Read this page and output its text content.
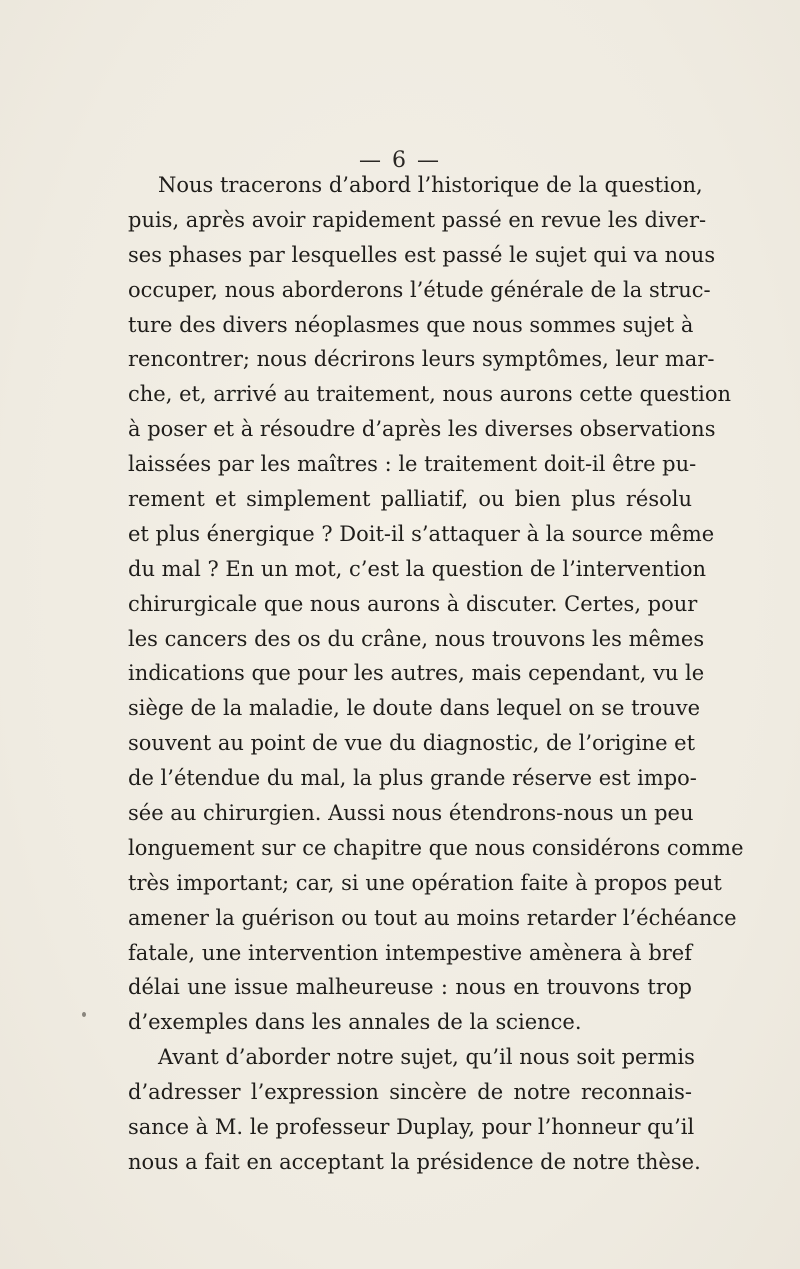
— 6 —
Nous tracerons d’abord l’historique de la question,
puis, après avoir rapidement passé en revue les diver-
ses phases par lesquelles est passé le sujet qui va nous
occuper, nous aborderons l’étude générale de la struc-
ture des divers néoplasmes que nous sommes sujet à
rencontrer; nous décrirons leurs symptômes, leur mar-
che, et, arrivé au traitement, nous aurons cette question
à poser et à résoudre d’après les diverses observations
laissées par les maîtres : le traitement doit-il être pu-
rement et simplement palliatif, ou bien plus résolu
et plus énergique ? Doit-il s’attaquer à la source même
du mal ? En un mot, c’est la question de l’intervention
chirurgicale que nous aurons à discuter. Certes, pour
les cancers des os du crâne, nous trouvons les mêmes
indications que pour les autres, mais cependant, vu le
siège de la maladie, le doute dans lequel on se trouve
souvent au point de vue du diagnostic, de l’origine et
de l’étendue du mal, la plus grande réserve est impo-
sée au chirurgien. Aussi nous étendrons-nous un peu
longuement sur ce chapitre que nous considérons comme
très important; car, si une opération faite à propos peut
amener la guérison ou tout au moins retarder l’échéance
fatale, une intervention intempestive amènera à bref
délai une issue malheureuse : nous en trouvons trop
d’exemples dans les annales de la science.
Avant d’aborder notre sujet, qu’il nous soit permis
d’adresser l’expression sincère de notre reconnais-
sance à M. le professeur Duplay, pour l’honneur qu’il
nous a fait en acceptant la présidence de notre thèse.
